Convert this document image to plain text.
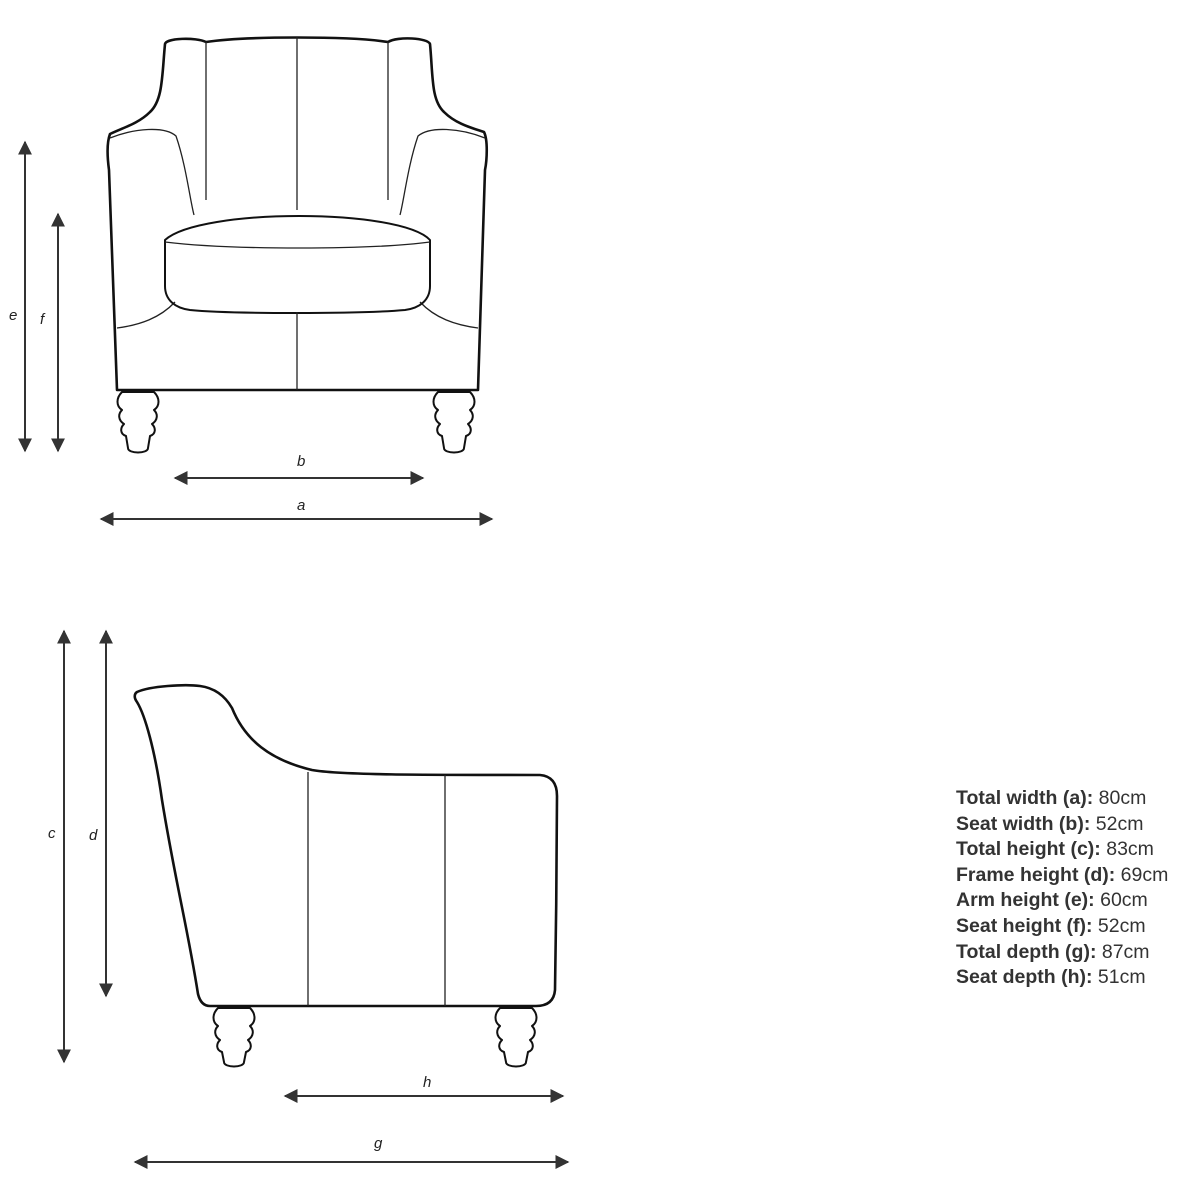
e f
b
a
c d
h
g
Total width (a): 80cm
Seat width (b): 52cm
Total height (c): 83cm
Frame height (d): 69cm
Arm height (e): 60cm
Seat height (f): 52cm
Total depth (g): 87cm
Seat depth (h): 51cm
